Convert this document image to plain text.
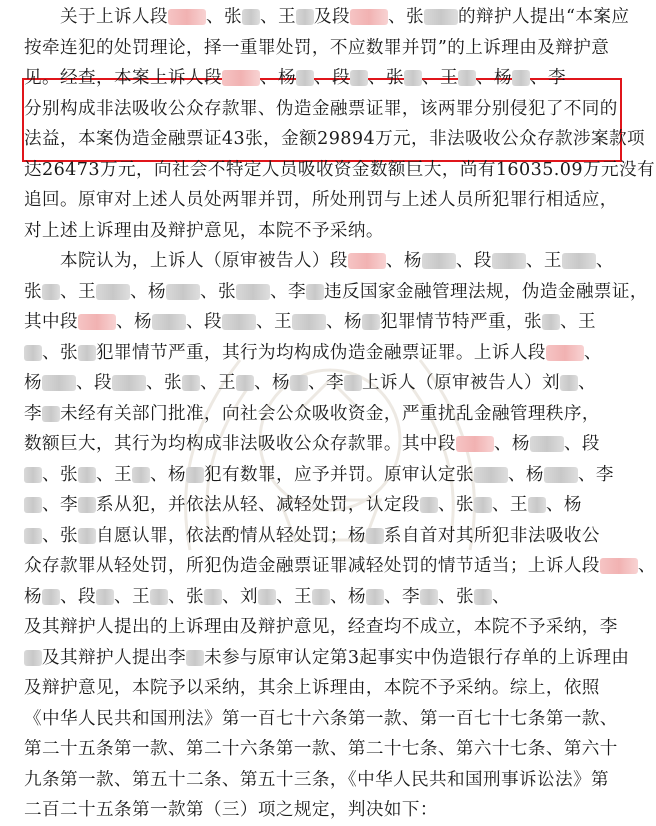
关于上诉人段 、张 、王 及段 、张 的辩护人提出“本案应
按牵连犯的处罚理论，择一重罪处罚，不应数罪并罚”的上诉理由及辩护意
见。经查，本案上诉人段 、杨 、段 、张 、王 、杨 、李
分别构成非法吸收公众存款罪、伪造金融票证罪，该两罪分别侵犯了不同的
法益，本案伪造金融票证43张，金额29894万元，非法吸收公众存款涉案款项
达26473万元，向社会不特定人员吸收资金数额巨大，尚有16035.09万元没有
追回。原审对上述人员处两罪并罚，所处刑罚与上述人员所犯罪行相适应，
对上述上诉理由及辩护意见，本院不予采纳。
本院认为，上诉人（原审被告人）段 、杨 、段 、王 、
张 、王 、杨 、张 、李 违反国家金融管理法规，伪造金融票证，
其中段 、杨 、段 、王 、杨 犯罪情节特严重，张 、王
、张 犯罪情节严重，其行为均构成伪造金融票证罪。上诉人段 、
杨 、段 、张 、王 、杨 、李 上诉人（原审被告人）刘 、
李 未经有关部门批准，向社会公众吸收资金，严重扰乱金融管理秩序，
数额巨大，其行为均构成非法吸收公众存款罪。其中段 、杨 、段
、张 、王 、杨 犯有数罪，应予并罚。原审认定张 、杨 、李
、李 系从犯，并依法从轻、减轻处罚，认定段 、张 、王 、杨
、张 自愿认罪，依法酌情从轻处罚；杨 系自首对其所犯非法吸收公
众存款罪从轻处罚，所犯伪造金融票证罪减轻处罚的情节适当；上诉人段 、
杨 、段 、王 、张 、刘 、王 、杨 、李 、张 、
及其辩护人提出的上诉理由及辩护意见，经查均不成立，本院不予采纳，李
及其辩护人提出李 未参与原审认定第3起事实中伪造银行存单的上诉理由
及辩护意见，本院予以采纳，其余上诉理由，本院不予采纳。综上，依照
《中华人民共和国刑法》第一百七十六条第一款、第一百七十七条第一款、
第二十五条第一款、第二十六条第一款、第二十七条、第六十七条、第六十
九条第一款、第五十二条、第五十三条，《中华人民共和国刑事诉讼法》第
二百二十五条第一款第（三）项之规定，判决如下：
